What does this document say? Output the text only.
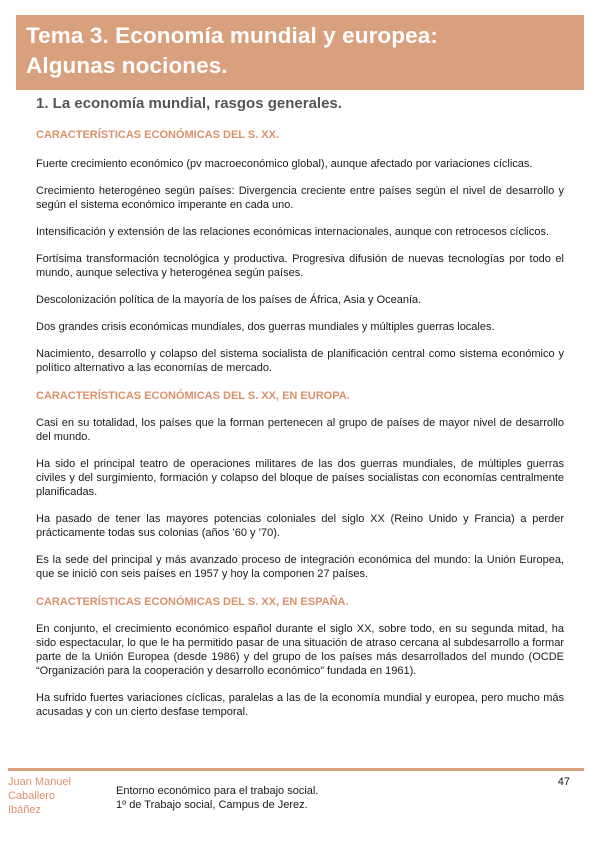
Tema 3. Economía mundial y europea:
Algunas nociones.
1. La economía mundial, rasgos generales.

CARACTERÍSTICAS ECONÓMICAS DEL S. XX.

Fuerte crecimiento económico (pv macroeconómico global), aunque afectado por variaciones cíclicas.

Crecimiento heterogéneo según países: Divergencia creciente entre países según el nivel de desarrollo y según el sistema económico imperante en cada uno.

Intensificación y extensión de las relaciones económicas internacionales, aunque con retrocesos cíclicos.

Fortísima transformación tecnológica y productiva. Progresiva difusión de nuevas tecnologías por todo el mundo, aunque selectiva y heterogénea según países.

Descolonización política de la mayoría de los países de África, Asia y Oceanía.

Dos grandes crisis económicas mundiales, dos guerras mundiales y múltiples guerras locales.

Nacimiento, desarrollo y colapso del sistema socialista de planificación central como sistema económico y político alternativo a las economías de mercado.

CARACTERÍSTICAS ECONÓMICAS DEL S. XX, EN EUROPA.

Casi en su totalidad, los países que la forman pertenecen al grupo de países de mayor nivel de desarrollo del mundo.

Ha sido el principal teatro de operaciones militares de las dos guerras mundiales, de múltiples guerras civiles y del surgimiento, formación y colapso del bloque de países socialistas con economías centralmente planificadas.

Ha pasado de tener las mayores potencias coloniales del siglo XX (Reino Unido y Francia) a perder prácticamente todas sus colonias (años ’60 y ’70).

Es la sede del principal y más avanzado proceso de integración económica del mundo: la Unión Europea, que se inició con seis países en 1957 y hoy la componen 27 países.

CARACTERÍSTICAS ECONÓMICAS DEL S. XX, EN ESPAÑA.

En conjunto, el crecimiento económico español durante el siglo XX, sobre todo, en su segunda mitad, ha sido espectacular, lo que le ha permitido pasar de una situación de atraso cercana al subdesarrollo a formar parte de la Unión Europea (desde 1986) y del grupo de los países más desarrollados del mundo (OCDE “Organización para la cooperación y desarrollo económico” fundada en 1961).

Ha sufrido fuertes variaciones cíclicas, paralelas a las de la economía mundial y europea, pero mucho más acusadas y con un cierto desfase temporal.

Juan Manuel
Caballero
Ibáñez

Entorno económico para el trabajo social.
1º de Trabajo social, Campus de Jerez.

47
